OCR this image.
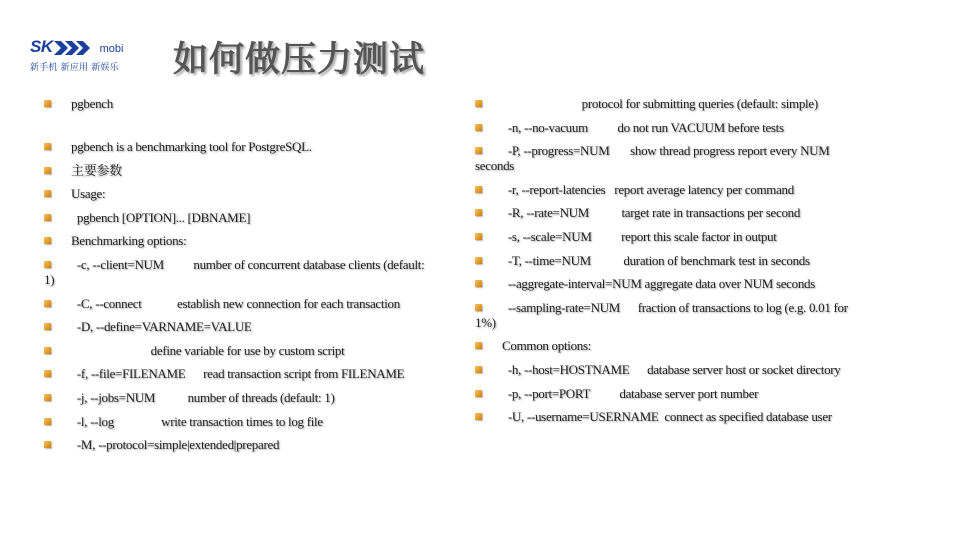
SK	mobi
新手机 新应用 新娱乐	如何做压力测试
pgbench
pgbench is a benchmarking tool for PostgreSQL.
主要参数
Usage:
pgbench [OPTION]... [DBNAME]
Benchmarking options:
-c, --client=NUM          number of concurrent database clients (default:
1)
-C, --connect            establish new connection for each transaction
-D, --define=VARNAME=VALUE
define variable for use by custom script
-f, --file=FILENAME      read transaction script from FILENAME
-j, --jobs=NUM           number of threads (default: 1)
-l, --log                write transaction times to log file
-M, --protocol=simple|extended|prepared
protocol for submitting queries (default: simple)
-n, --no-vacuum          do not run VACUUM before tests
-P, --progress=NUM       show thread progress report every NUM
seconds
-r, --report-latencies   report average latency per command
-R, --rate=NUM           target rate in transactions per second
-s, --scale=NUM          report this scale factor in output
-T, --time=NUM           duration of benchmark test in seconds
--aggregate-interval=NUM aggregate data over NUM seconds
--sampling-rate=NUM      fraction of transactions to log (e.g. 0.01 for
1%)
Common options:
-h, --host=HOSTNAME      database server host or socket directory
-p, --port=PORT          database server port number
-U, --username=USERNAME  connect as specified database user
